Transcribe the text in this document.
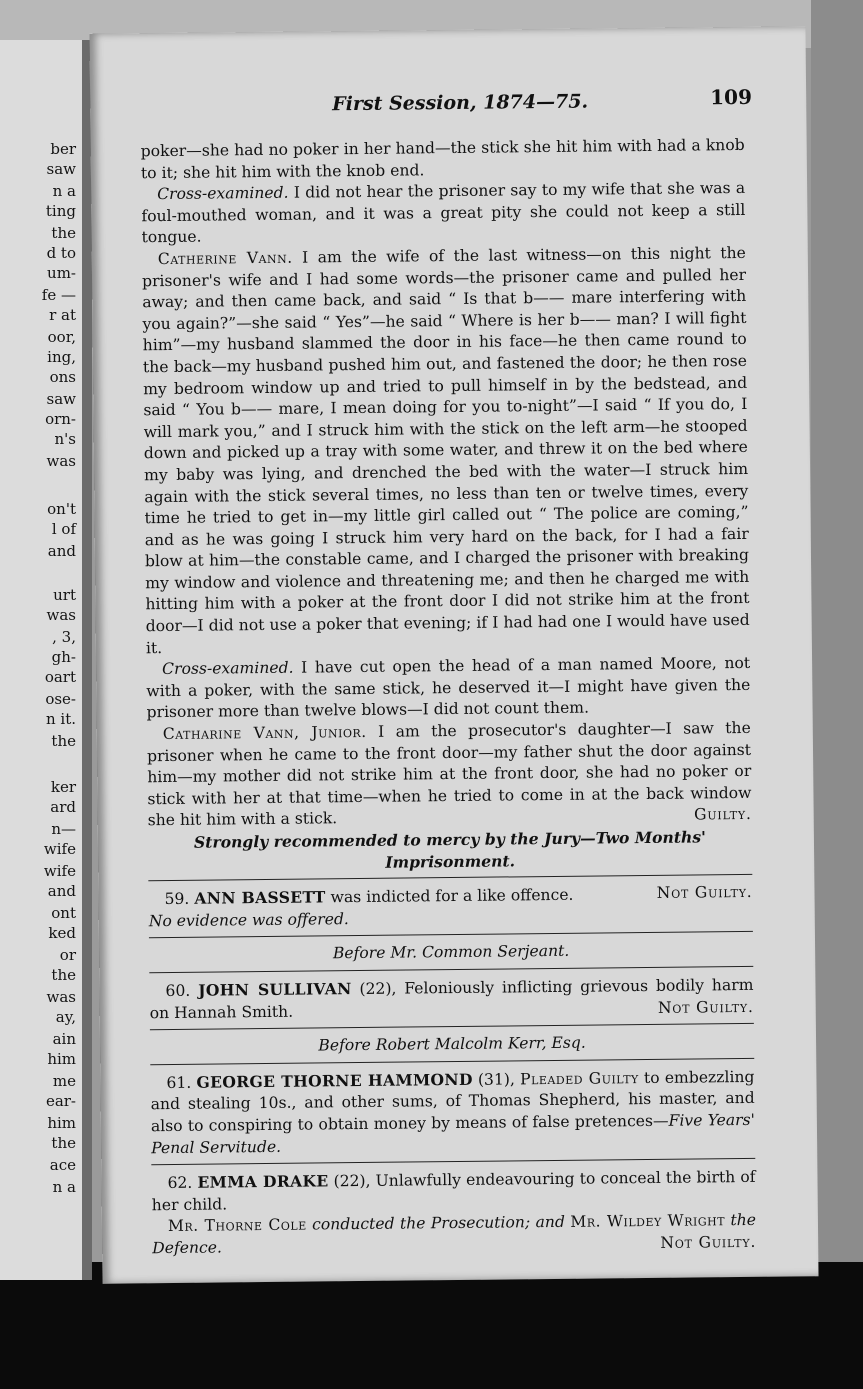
ber
saw
n a
ting
the
d to
um-
fe —
r at
oor,
ing,
ons
saw
orn-
n's
was
on't
l of
and
urt
was
, 3,
gh-
oart
ose-
n it.
the
ker
ard
n—
wife
wife
and
ont
ked
or
the
was
ay,
ain
him
me
ear-
him
the
ace
n a
First Session, 1874—75.	109

poker—she had no poker in her hand—the stick she hit him with had a knob to it; she hit him with the knob end.

Cross-examined. I did not hear the prisoner say to my wife that she was a foul-mouthed woman, and it was a great pity she could not keep a still tongue.

Catherine Vann. I am the wife of the last witness—on this night the prisoner's wife and I had some words—the prisoner came and pulled her away; and then came back, and said “ Is that b—— mare interfering with you again?”—she said “ Yes”—he said “ Where is her b—— man? I will fight him”—my husband slammed the door in his face—he then came round to the back—my husband pushed him out, and fastened the door; he then rose my bedroom window up and tried to pull himself in by the bedstead, and said “ You b—— mare, I mean doing for you to-night”—I said “ If you do, I will mark you,” and I struck him with the stick on the left arm—he stooped down and picked up a tray with some water, and threw it on the bed where my baby was lying, and drenched the bed with the water—I struck him again with the stick several times, no less than ten or twelve times, every time he tried to get in—my little girl called out “ The police are coming,” and as he was going I struck him very hard on the back, for I had a fair blow at him—the constable came, and I charged the prisoner with breaking my window and violence and threatening me; and then he charged me with hitting him with a poker at the front door I did not strike him at the front door—I did not use a poker that evening; if I had had one I would have used it.

Cross-examined. I have cut open the head of a man named Moore, not with a poker, with the same stick, he deserved it—I might have given the prisoner more than twelve blows—I did not count them.

Catharine Vann, Junior. I am the prosecutor's daughter—I saw the prisoner when he came to the front door—my father shut the door against him—my mother did not strike him at the front door, she had no poker or stick with her at that time—when he tried to come in at the back window she hit him with a stick.	Guilty.

Strongly recommended to mercy by the Jury—Two Months' Imprisonment.

59. ANN BASSETT was indicted for a like offence.	Not Guilty.

No evidence was offered.

Before Mr. Common Serjeant.

60. JOHN SULLIVAN (22), Feloniously inflicting grievous bodily harm on Hannah Smith.	Not Guilty.

Before Robert Malcolm Kerr, Esq.

61. GEORGE THORNE HAMMOND (31), Pleaded Guilty to embezzling and stealing 10s., and other sums, of Thomas Shepherd, his master, and also to conspiring to obtain money by means of false pretences—Five Years' Penal Servitude.

62. EMMA DRAKE (22), Unlawfully endeavouring to conceal the birth of her child.

Mr. Thorne Cole conducted the Prosecution; and Mr. Wildey Wright the Defence.	Not Guilty.
